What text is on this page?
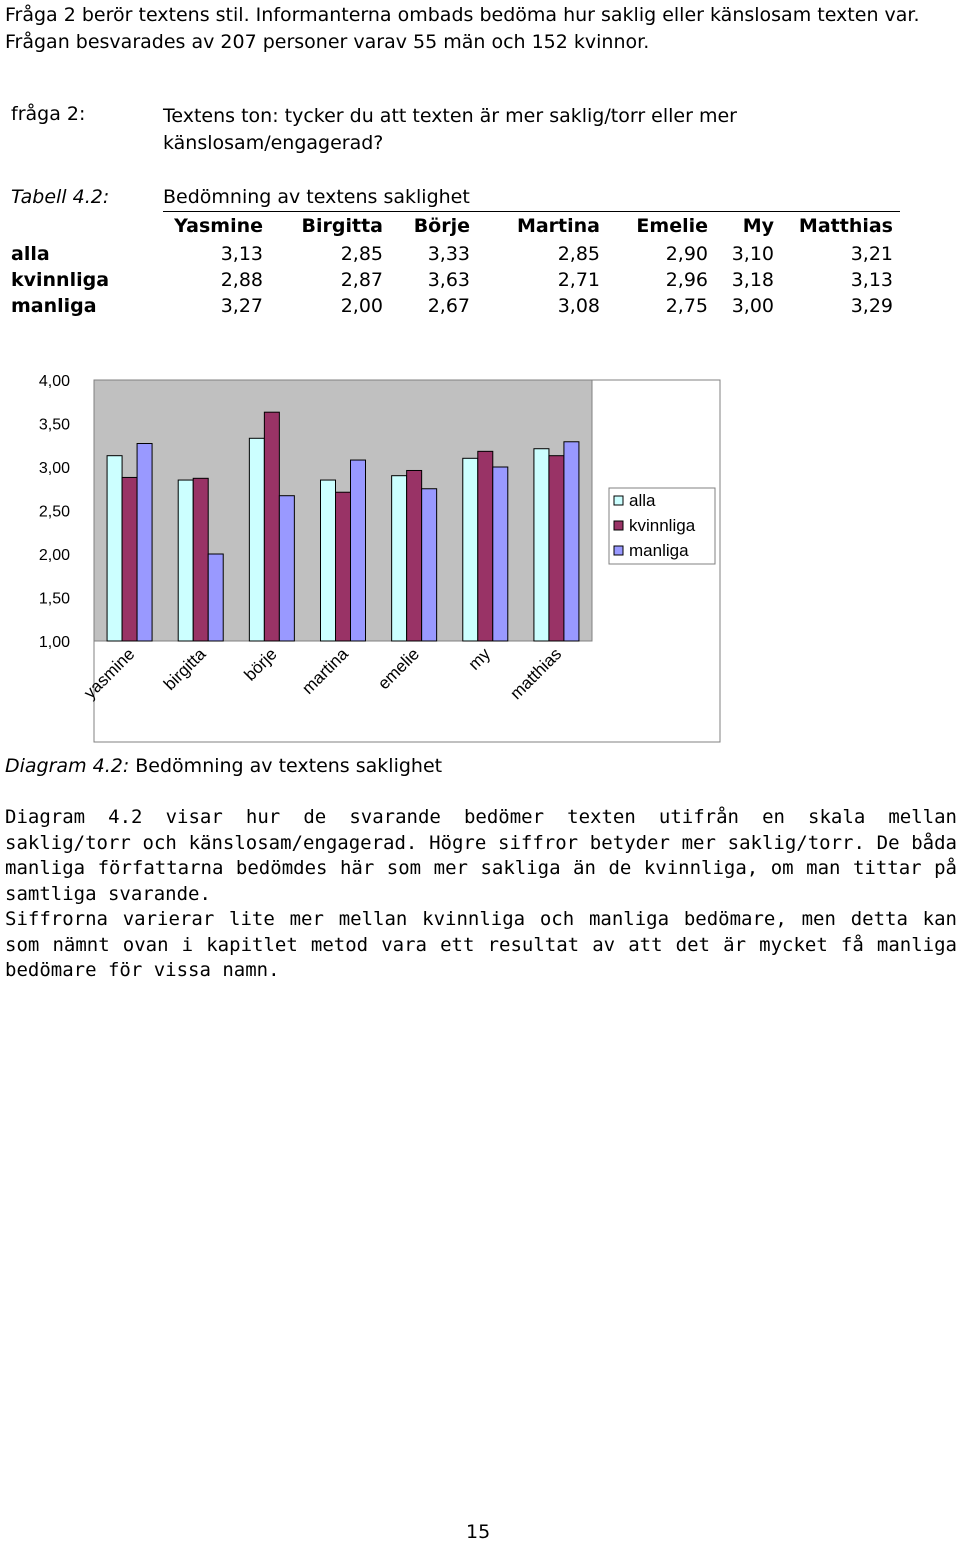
Fråga 2 berör textens stil. Informanterna ombads bedöma hur saklig eller känslosam texten var. Frågan besvarades av 207 personer varav 55 män och 152 kvinnor.
fråga 2:	Textens ton: tycker du att texten är mer saklig/torr eller mer känslosam/engagerad?
Tabell 4.2:	Bedömning av textens saklighet
Yasmine	Birgitta	Börje	Martina	Emelie	My	Matthias
alla	3,13	2,85	3,33	2,85	2,90	3,10	3,21
kvinnliga	2,88	2,87	3,63	2,71	2,96	3,18	3,13
manliga	3,27	2,00	2,67	3,08	2,75	3,00	3,29
1,00
1,50
2,00
2,50
3,00
3,50
4,00
yasmine birgitta börje martina emelie my matthias
alla
kvinnliga
manliga
Diagram 4.2: Bedömning av textens saklighet

Diagram 4.2 visar hur de svarande bedömer texten utifrån en skala mellan saklig/torr och känslosam/engagerad. Högre siffror betyder mer saklig/torr. De båda manliga författarna bedömdes här som mer sakliga än de kvinnliga, om man tittar på samtliga svarande.

Siffrorna varierar lite mer mellan kvinnliga och manliga bedömare, men detta kan som nämnt ovan i kapitlet metod vara ett resultat av att det är mycket få manliga bedömare för vissa namn.

15
